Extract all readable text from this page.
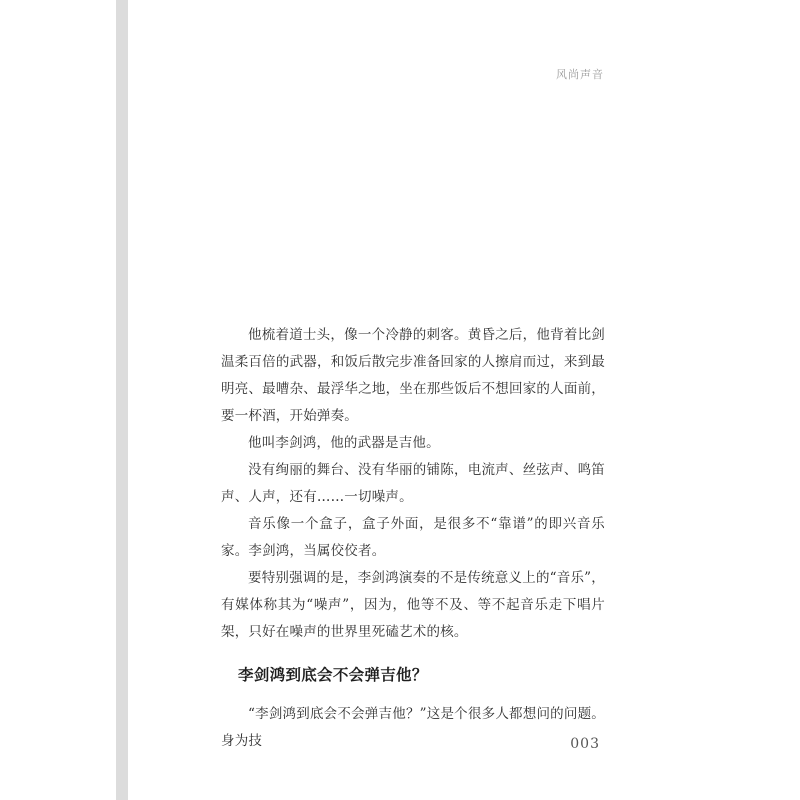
风尚声音

他梳着道士头，像一个冷静的刺客。黄昏之后，他背着比剑温柔百倍的武器，和饭后散完步准备回家的人擦肩而过，来到最明亮、最嘈杂、最浮华之地，坐在那些饭后不想回家的人面前，要一杯酒，开始弹奏。

他叫李剑鸿，他的武器是吉他。

没有绚丽的舞台、没有华丽的铺陈，电流声、丝弦声、鸣笛声、人声，还有……一切噪声。

音乐像一个盒子，盒子外面，是很多不“靠谱”的即兴音乐家。李剑鸿，当属佼佼者。

要特别强调的是，李剑鸿演奏的不是传统意义上的“音乐”，有媒体称其为“噪声”，因为，他等不及、等不起音乐走下唱片架，只好在噪声的世界里死磕艺术的核。

李剑鸿到底会不会弹吉他？

“李剑鸿到底会不会弹吉他？”这是个很多人都想问的问题。身为技	003
